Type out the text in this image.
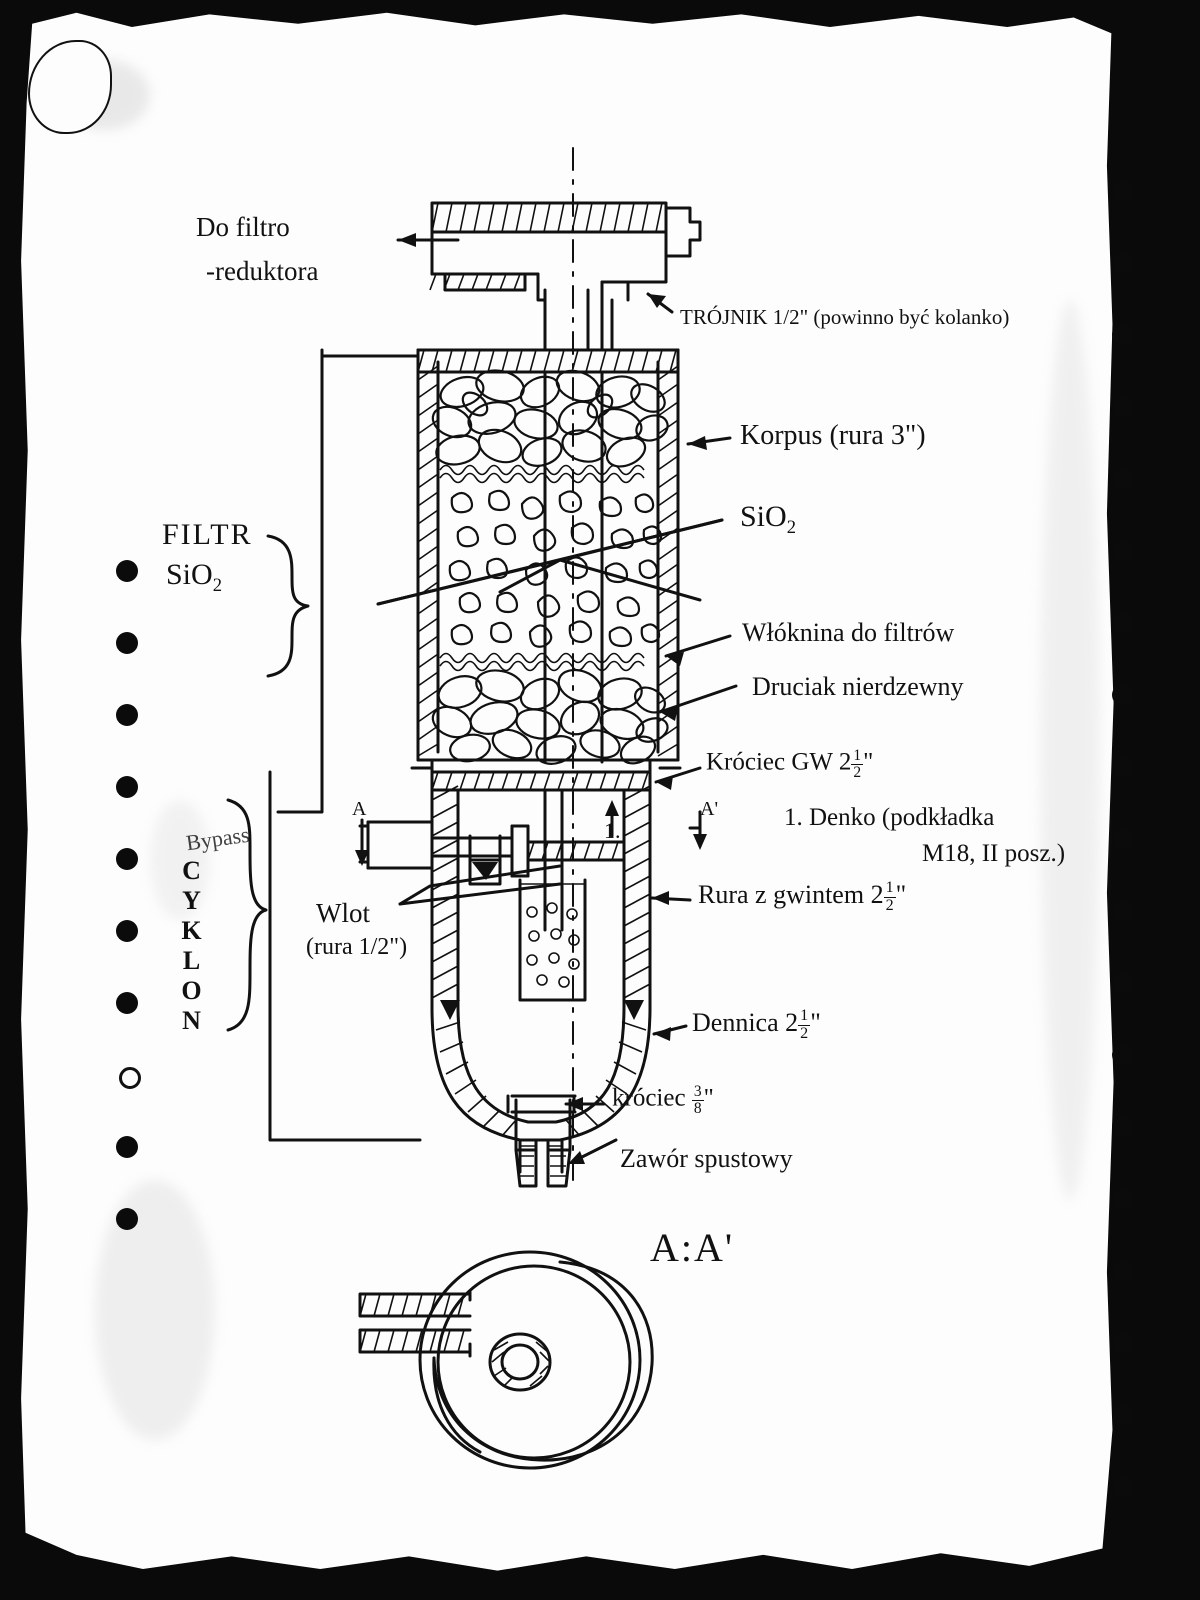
Do filtro
-reduktora
TRÓJNIK 1/2" (powinno być kolanko)
Korpus (rura 3")
SiO$_2$
Włóknina do filtrów
Druciak nierdzewny
Króciec GW $2 \frac{1}{2}$ "
1. Denko (podkładka
M18, II posz.)
Rura z gwintem $2 \frac{1}{2}$ "
Dennica $2 \frac{1}{2}$ "
króciec $\frac{3}{8}$ "
Zawór spustowy
Wlot
(rura 1/2")
Bypass
FILTR
SiO$_2$
CYKLON
A	A'
1.
A:A'
